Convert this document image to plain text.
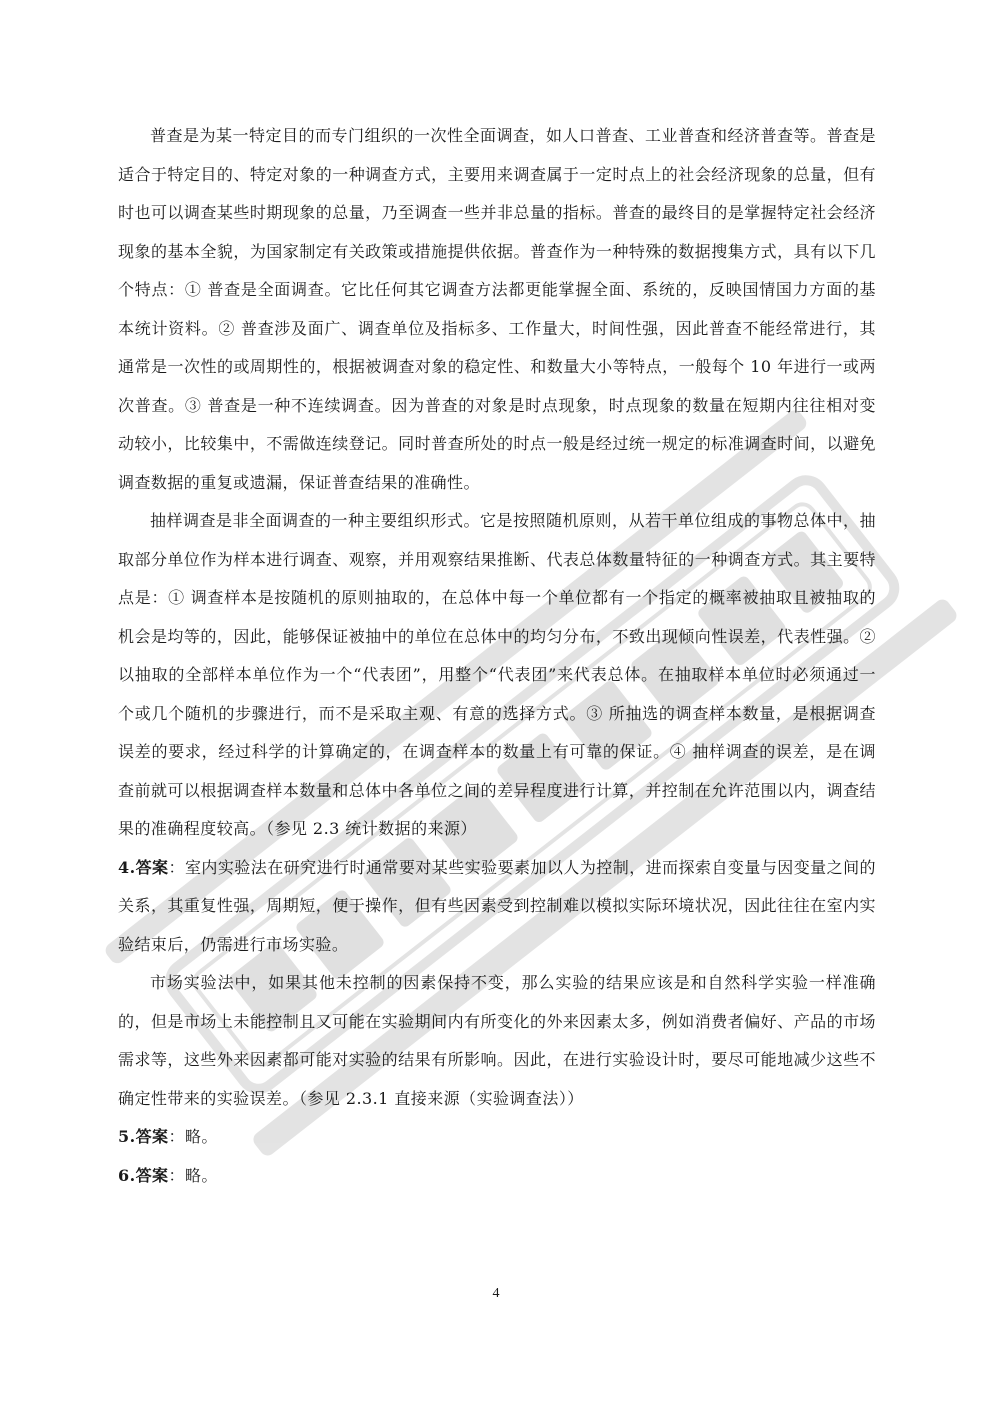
普查是为某一特定目的而专门组织的一次性全面调查，如人口普查、工业普查和经济普查等。普查是适合于特定目的、特定对象的一种调查方式，主要用来调查属于一定时点上的社会经济现象的总量，但有时也可以调查某些时期现象的总量，乃至调查一些并非总量的指标。普查的最终目的是掌握特定社会经济现象的基本全貌，为国家制定有关政策或措施提供依据。普查作为一种特殊的数据搜集方式，具有以下几个特点：① 普查是全面调查。它比任何其它调查方法都更能掌握全面、系统的，反映国情国力方面的基本统计资料。② 普查涉及面广、调查单位及指标多、工作量大，时间性强，因此普查不能经常进行，其通常是一次性的或周期性的，根据被调查对象的稳定性、和数量大小等特点，一般每个 10 年进行一或两次普查。③ 普查是一种不连续调查。因为普查的对象是时点现象，时点现象的数量在短期内往往相对变动较小，比较集中，不需做连续登记。同时普查所处的时点一般是经过统一规定的标准调查时间，以避免调查数据的重复或遗漏，保证普查结果的准确性。

抽样调查是非全面调查的一种主要组织形式。它是按照随机原则，从若干单位组成的事物总体中，抽取部分单位作为样本进行调查、观察，并用观察结果推断、代表总体数量特征的一种调查方式。其主要特点是：① 调查样本是按随机的原则抽取的，在总体中每一个单位都有一个指定的概率被抽取且被抽取的机会是均等的，因此，能够保证被抽中的单位在总体中的均匀分布，不致出现倾向性误差，代表性强。② 以抽取的全部样本单位作为一个“代表团”，用整个“代表团”来代表总体。在抽取样本单位时必须通过一个或几个随机的步骤进行，而不是采取主观、有意的选择方式。③ 所抽选的调查样本数量，是根据调查误差的要求，经过科学的计算确定的，在调查样本的数量上有可靠的保证。④ 抽样调查的误差，是在调查前就可以根据调查样本数量和总体中各单位之间的差异程度进行计算，并控制在允许范围以内，调查结果的准确程度较高。（参见 2.3 统计数据的来源）

4.答案：室内实验法在研究进行时通常要对某些实验要素加以人为控制，进而探索自变量与因变量之间的关系，其重复性强，周期短，便于操作，但有些因素受到控制难以模拟实际环境状况，因此往往在室内实验结束后，仍需进行市场实验。

市场实验法中，如果其他未控制的因素保持不变，那么实验的结果应该是和自然科学实验一样准确的，但是市场上未能控制且又可能在实验期间内有所变化的外来因素太多，例如消费者偏好、产品的市场需求等，这些外来因素都可能对实验的结果有所影响。因此，在进行实验设计时，要尽可能地减少这些不确定性带来的实验误差。（参见 2.3.1 直接来源（实验调查法））

5.答案：略。

6.答案：略。

4
